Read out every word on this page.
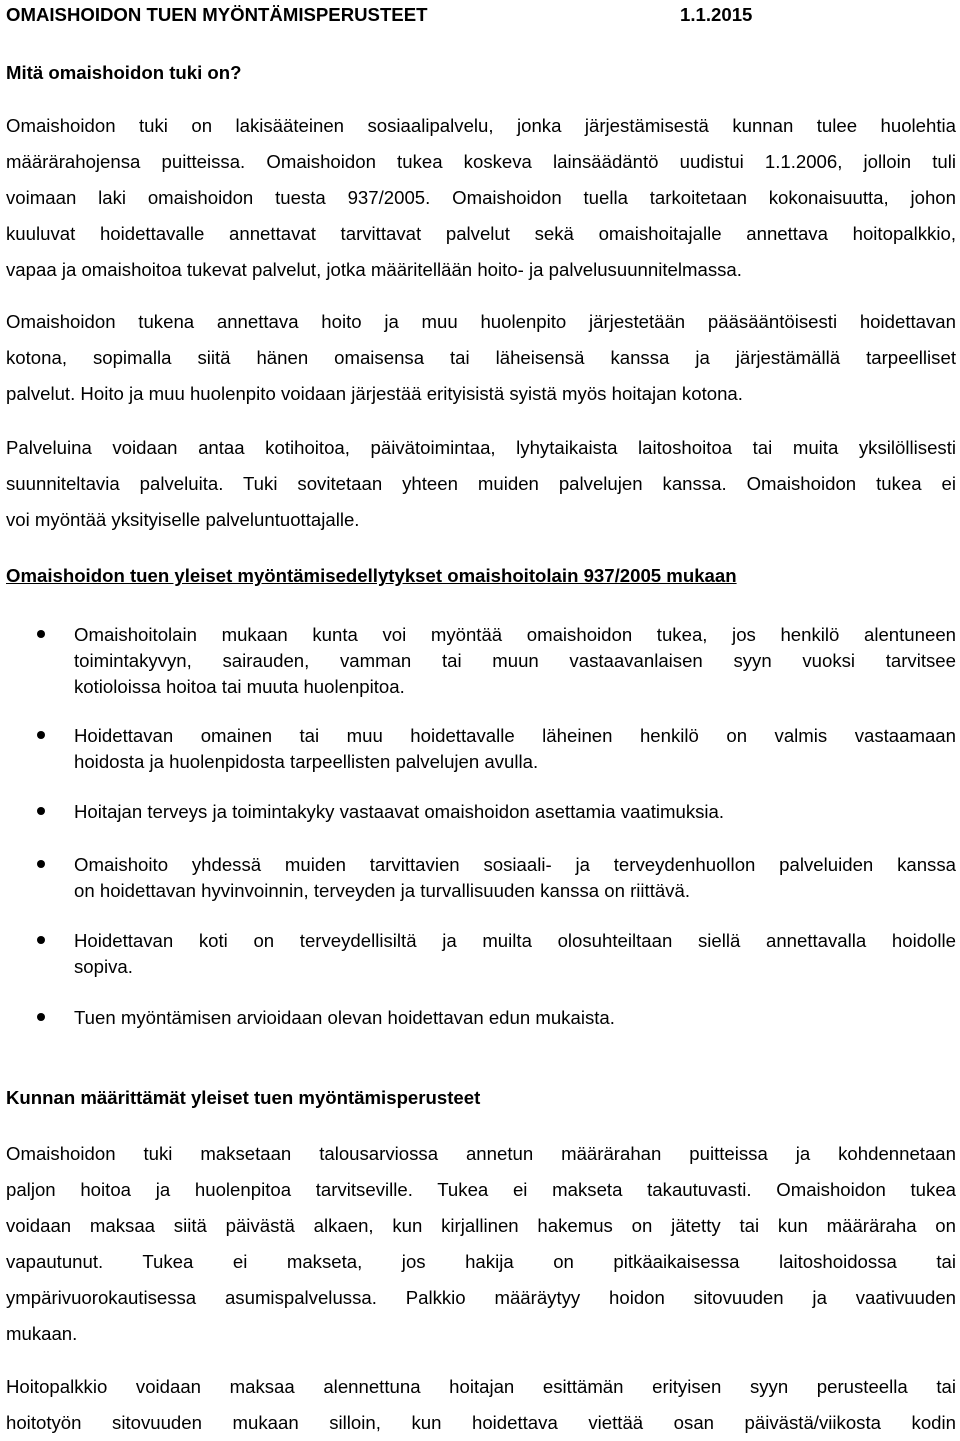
OMAISHOIDON TUEN MYÖNTÄMISPERUSTEET	1.1.2015
Mitä omaishoidon tuki on?
Omaishoidon tuki on lakisääteinen sosiaalipalvelu, jonka järjestämisestä kunnan tulee huolehtia
määrärahojensa puitteissa. Omaishoidon tukea koskeva lainsäädäntö uudistui 1.1.2006, jolloin tuli
voimaan laki omaishoidon tuesta 937/2005. Omaishoidon tuella tarkoitetaan kokonaisuutta, johon
kuuluvat hoidettavalle annettavat tarvittavat palvelut sekä omaishoitajalle annettava hoitopalkkio,
vapaa ja omaishoitoa tukevat palvelut, jotka määritellään hoito- ja palvelusuunnitelmassa.
Omaishoidon tukena annettava hoito ja muu huolenpito järjestetään pääsääntöisesti hoidettavan
kotona, sopimalla siitä hänen omaisensa tai läheisensä kanssa ja järjestämällä tarpeelliset
palvelut. Hoito ja muu huolenpito voidaan järjestää erityisistä syistä myös hoitajan kotona.
Palveluina voidaan antaa kotihoitoa, päivätoimintaa, lyhytaikaista laitoshoitoa tai muita yksilöllisesti
suunniteltavia palveluita. Tuki sovitetaan yhteen muiden palvelujen kanssa. Omaishoidon tukea ei
voi myöntää yksityiselle palveluntuottajalle.
Omaishoidon tuen yleiset myöntämisedellytykset omaishoitolain 937/2005 mukaan
Omaishoitolain mukaan kunta voi myöntää omaishoidon tukea, jos henkilö alentuneen
toimintakyvyn, sairauden, vamman tai muun vastaavanlaisen syyn vuoksi tarvitsee
kotioloissa hoitoa tai muuta huolenpitoa.
Hoidettavan omainen tai muu hoidettavalle läheinen henkilö on valmis vastaamaan
hoidosta ja huolenpidosta tarpeellisten palvelujen avulla.
Hoitajan terveys ja toimintakyky vastaavat omaishoidon asettamia vaatimuksia.
Omaishoito yhdessä muiden tarvittavien sosiaali- ja terveydenhuollon palveluiden kanssa
on hoidettavan hyvinvoinnin, terveyden ja turvallisuuden kanssa on riittävä.
Hoidettavan koti on terveydellisiltä ja muilta olosuhteiltaan siellä annettavalla hoidolle
sopiva.
Tuen myöntämisen arvioidaan olevan hoidettavan edun mukaista.
Kunnan määrittämät yleiset tuen myöntämisperusteet
Omaishoidon tuki maksetaan talousarviossa annetun määrärahan puitteissa ja kohdennetaan
paljon hoitoa ja huolenpitoa tarvitseville. Tukea ei makseta takautuvasti. Omaishoidon tukea
voidaan maksaa siitä päivästä alkaen, kun kirjallinen hakemus on jätetty tai kun määräraha on
vapautunut. Tukea ei makseta, jos hakija on pitkäaikaisessa laitoshoidossa tai
ympärivuorokautisessa asumispalvelussa. Palkkio määräytyy hoidon sitovuuden ja vaativuuden
mukaan.
Hoitopalkkio voidaan maksaa alennettuna hoitajan esittämän erityisen syyn perusteella tai
hoitotyön sitovuuden mukaan silloin, kun hoidettava viettää osan päivästä/viikosta kodin
